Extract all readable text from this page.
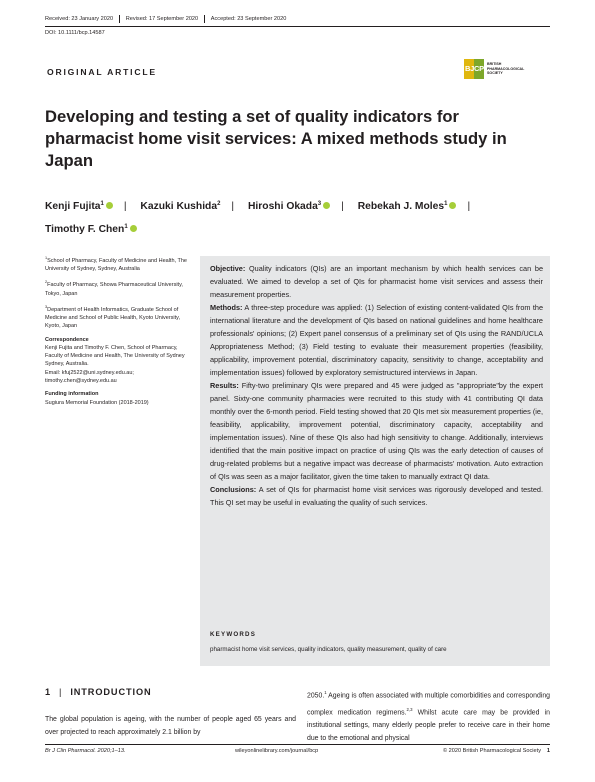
Received: 23 January 2020 Revised: 17 September 2020 Accepted: 23 September 2020
DOI: 10.1111/bcp.14587
ORIGINAL ARTICLE	BJCP BRITISH PHARMACOLOGICAL SOCIETY
Developing and testing a set of quality indicators for pharmacist home visit services: A mixed methods study in Japan
Kenji Fujita$^1$ | Kazuki Kushida$^2$ | Hiroshi Okada$^3$ | Rebekah J. Moles$^1$ |
Timothy F. Chen$^1$

$^1$School of Pharmacy, Faculty of Medicine and Health, The University of Sydney, Sydney, Australia

$^2$Faculty of Pharmacy, Showa Pharmaceutical University, Tokyo, Japan

$^3$Department of Health Informatics, Graduate School of Medicine and School of Public Health, Kyoto University, Kyoto, Japan

Correspondence
Kenji Fujita and Timothy F. Chen, School of Pharmacy, Faculty of Medicine and Health, The University of Sydney Sydney, Australia.
Email: kfuj2522@uni.sydney.edu.au; timothy.chen@sydney.edu.au

Funding information
Sugiura Memorial Foundation (2018-2019)

Objective: Quality indicators (QIs) are an important mechanism by which health services can be evaluated. We aimed to develop a set of QIs for pharmacist home visit services and assess their measurement properties.

Methods: A three-step procedure was applied: (1) Selection of existing content-validated QIs from the international literature and the development of QIs based on national guidelines and home healthcare professionals' opinions; (2) Expert panel consensus of a preliminary set of QIs using the RAND/UCLA Appropriateness Method; (3) Field testing to evaluate their measurement properties (feasibility, applicability, improvement potential, discriminatory capacity, sensitivity to change, acceptability and implementation issues) followed by exploratory semistructured interviews in Japan.

Results: Fifty-two preliminary QIs were prepared and 45 were judged as "appropriate"by the expert panel. Sixty-one community pharmacies were recruited to this study with 41 contributing QI data monthly over the 6-month period. Field testing showed that 20 QIs met six measurement properties (ie, feasibility, applicability, improvement potential, discriminatory capacity, acceptability and implementation issues). Nine of these QIs also had high sensitivity to change. Additionally, interviews identified that the main positive impact on practice of using QIs was the early detection of causes of drug-related problems but a negative impact was decrease of pharmacists' motivation. Auto extraction of QIs was seen as a major facilitator, given the time taken to manually extract QI data.

Conclusions: A set of QIs for pharmacist home visit services was rigorously developed and tested. This QI set may be useful in evaluating the quality of such services.

KEYWORDS
pharmacist home visit services, quality indicators, quality measurement, quality of care
1 | INTRODUCTION
The global population is ageing, with the number of people aged 65 years and over projected to reach approximately 2.1 billion by
2050.$^1$ Ageing is often associated with multiple comorbidities and corresponding complex medication regimens.$^{2,3}$ Whilst acute care may be provided in institutional settings, many elderly people prefer to receive care in their home due to the emotional and physical
Br J Clin Pharmacol. 2020;1–13.	wileyonlinelibrary.com/journal/bcp	© 2020 British Pharmacological Society	1
